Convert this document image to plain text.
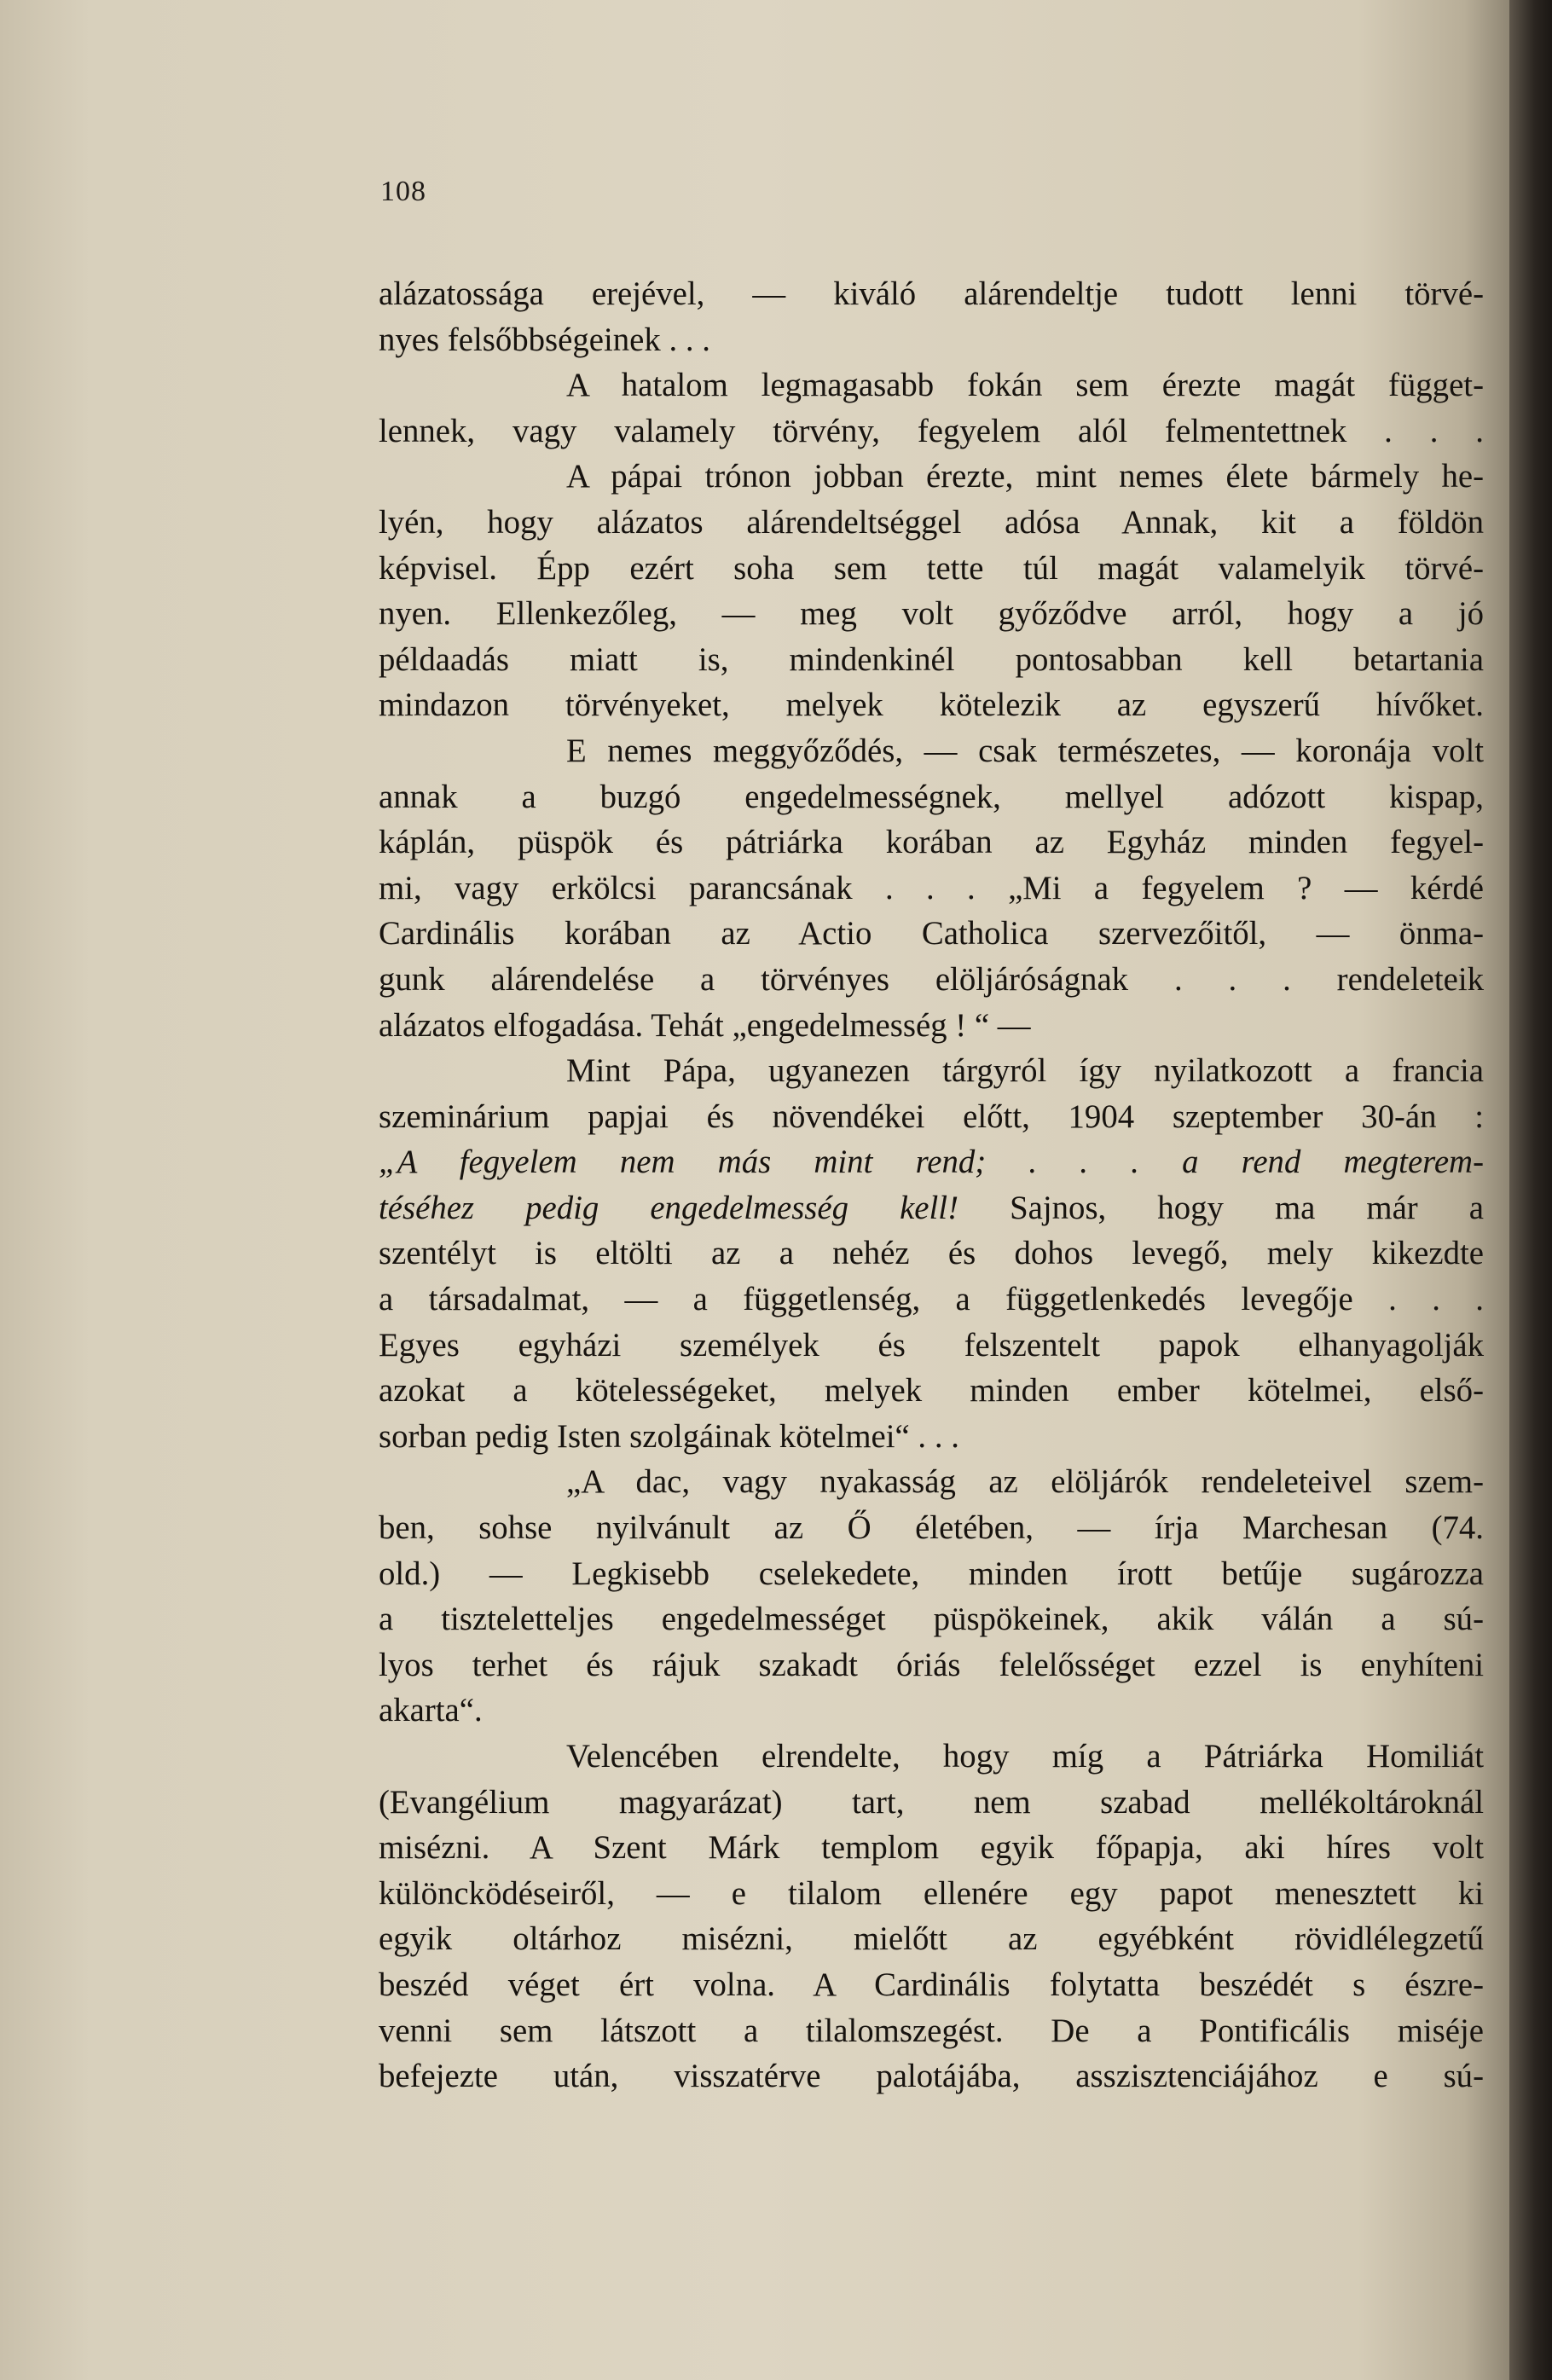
108
alázatossága erejével, — kiváló alárendeltje tudott lenni törvé-
nyes felsőbbségeinek . . .
A hatalom legmagasabb fokán sem érezte magát függet-
lennek, vagy valamely törvény, fegyelem alól felmentettnek . . .
A pápai trónon jobban érezte, mint nemes élete bármely he-
lyén, hogy alázatos alárendeltséggel adósa Annak, kit a földön
képvisel. Épp ezért soha sem tette túl magát valamelyik törvé-
nyen. Ellenkezőleg, — meg volt győződve arról, hogy a jó
példaadás miatt is, mindenkinél pontosabban kell betartania
mindazon törvényeket, melyek kötelezik az egyszerű hívőket.
E nemes meggyőződés, — csak természetes, — koronája volt
annak a buzgó engedelmességnek, mellyel adózott kispap,
káplán, püspök és pátriárka korában az Egyház minden fegyel-
mi, vagy erkölcsi parancsának . . . „Mi a fegyelem ? — kérdé
Cardinális korában az Actio Catholica szervezőitől, — önma-
gunk alárendelése a törvényes elöljáróságnak . . . rendeleteik
alázatos elfogadása. Tehát „engedelmesség ! “ —
Mint Pápa, ugyanezen tárgyról így nyilatkozott a francia
szeminárium papjai és növendékei előtt, 1904 szeptember 30-án :
„A fegyelem nem más mint rend; . . . a rend megterem-
téséhez pedig engedelmesség kell! Sajnos, hogy ma már a
szentélyt is eltölti az a nehéz és dohos levegő, mely kikezdte
a társadalmat, — a függetlenség, a függetlenkedés levegője . . .
Egyes egyházi személyek és felszentelt papok elhanyagolják
azokat a kötelességeket, melyek minden ember kötelmei, első-
sorban pedig Isten szolgáinak kötelmei“ . . .
„A dac, vagy nyakasság az elöljárók rendeleteivel szem-
ben, sohse nyilvánult az Ő életében, — írja Marchesan (74.
old.) — Legkisebb cselekedete, minden írott betűje sugározza
a tiszteletteljes engedelmességet püspökeinek, akik válán a sú-
lyos terhet és rájuk szakadt óriás felelősséget ezzel is enyhíteni
akarta“.
Velencében elrendelte, hogy míg a Pátriárka Homiliát
(Evangélium magyarázat) tart, nem szabad mellékoltároknál
misézni. A Szent Márk templom egyik főpapja, aki híres volt
különcködéseiről, — e tilalom ellenére egy papot menesztett ki
egyik oltárhoz misézni, mielőtt az egyébként rövidlélegzetű
beszéd véget ért volna. A Cardinális folytatta beszédét s észre-
venni sem látszott a tilalomszegést. De a Pontificális miséje
befejezte után, visszatérve palotájába, asszisztenciájához e sú-
